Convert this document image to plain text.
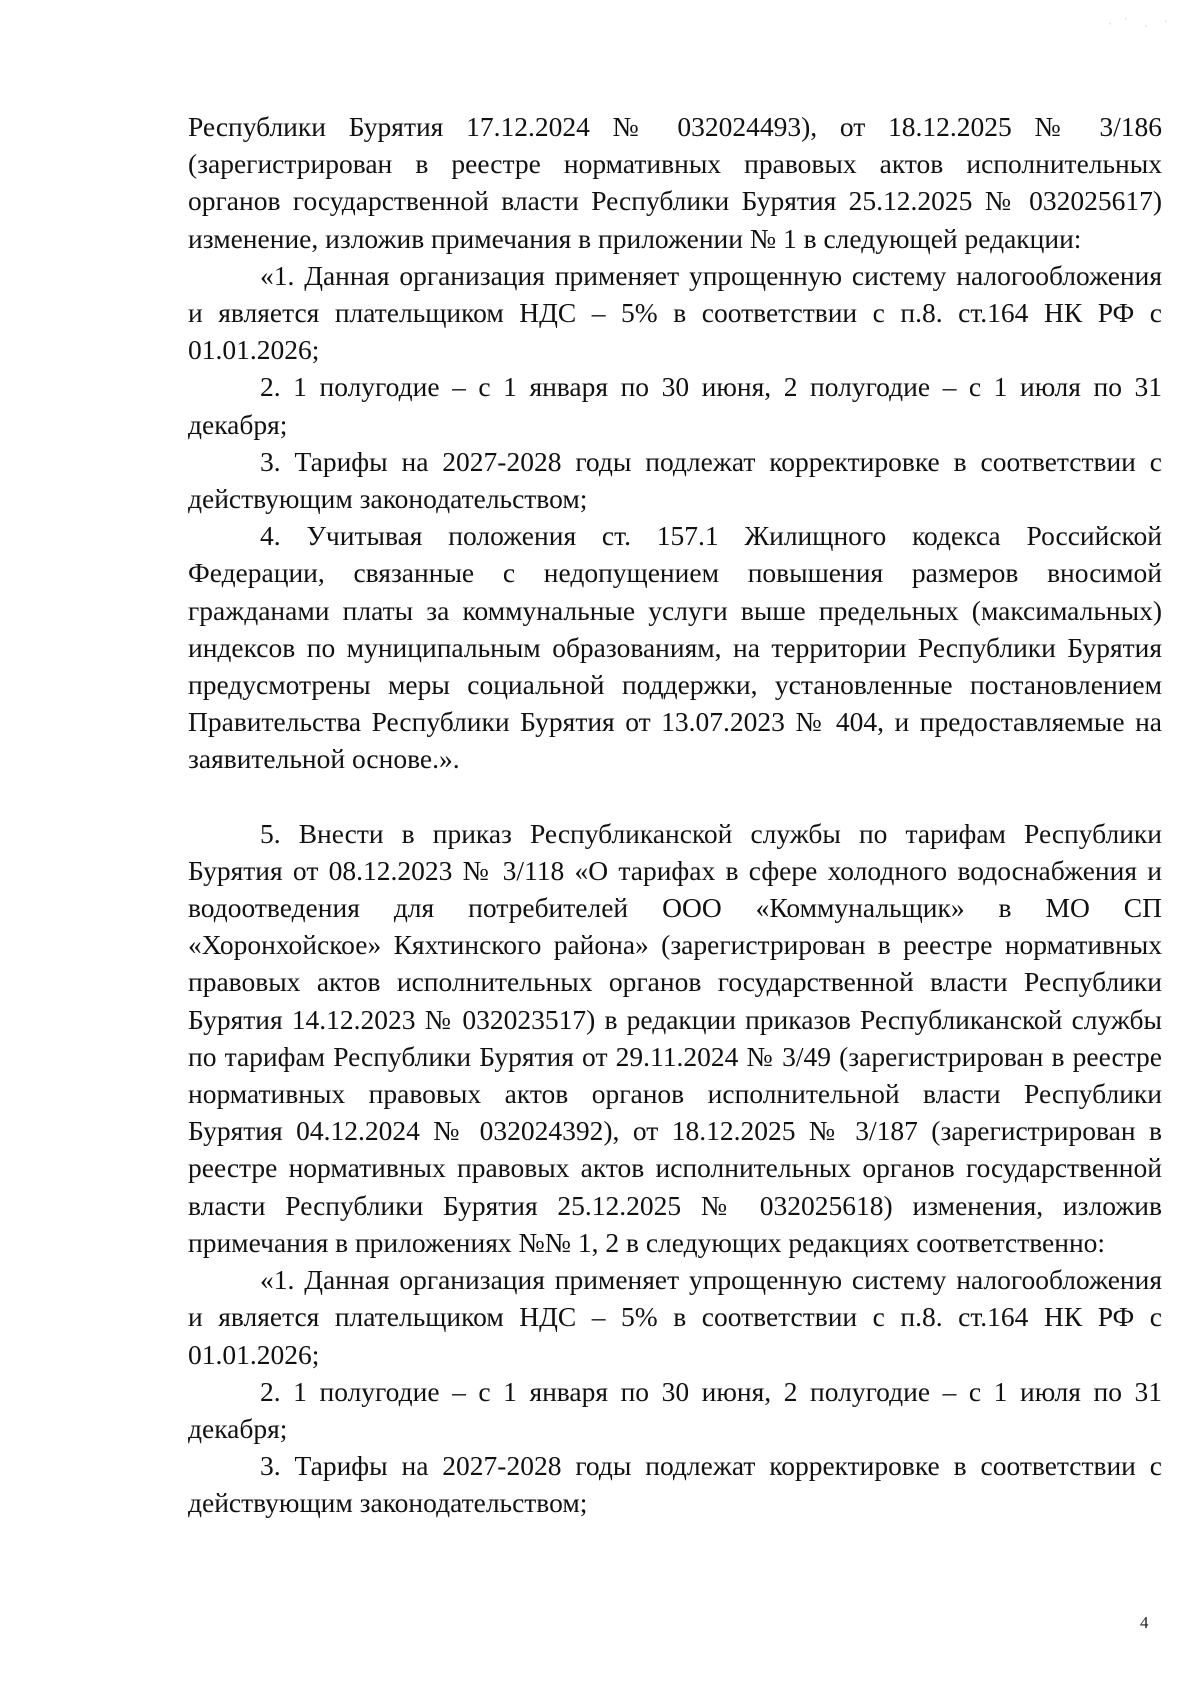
Республики Бурятия 17.12.2024 № 032024493), от 18.12.2025 № 3/186 (зарегистрирован в реестре нормативных правовых актов исполнительных органов государственной власти Республики Бурятия 25.12.2025 № 032025617) изменение, изложив примечания в приложении № 1 в следующей редакции:

«1. Данная организация применяет упрощенную систему налогообложения и является плательщиком НДС – 5% в соответствии с п.8. ст.164 НК РФ с 01.01.2026;

2. 1 полугодие – с 1 января по 30 июня, 2 полугодие – с 1 июля по 31 декабря;

3. Тарифы на 2027-2028 годы подлежат корректировке в соответствии с действующим законодательством;

4. Учитывая положения ст. 157.1 Жилищного кодекса Российской Федерации, связанные с недопущением повышения размеров вносимой гражданами платы за коммунальные услуги выше предельных (максимальных) индексов по муниципальным образованиям, на территории Республики Бурятия предусмотрены меры социальной поддержки, установленные постановлением Правительства Республики Бурятия от 13.07.2023 № 404, и предоставляемые на заявительной основе.».

5. Внести в приказ Республиканской службы по тарифам Республики Бурятия от 08.12.2023 № 3/118 «О тарифах в сфере холодного водоснабжения и водоотведения для потребителей ООО «Коммунальщик» в МО СП «Хоронхойское» Кяхтинского района» (зарегистрирован в реестре нормативных правовых актов исполнительных органов государственной власти Республики Бурятия 14.12.2023 № 032023517) в редакции приказов Республиканской службы по тарифам Республики Бурятия от 29.11.2024 № 3/49 (зарегистрирован в реестре нормативных правовых актов органов исполнительной власти Республики Бурятия 04.12.2024 № 032024392), от 18.12.2025 № 3/187 (зарегистрирован в реестре нормативных правовых актов исполнительных органов государственной власти Республики Бурятия 25.12.2025 № 032025618) изменения, изложив примечания в приложениях №№ 1, 2 в следующих редакциях соответственно:

«1. Данная организация применяет упрощенную систему налогообложения и является плательщиком НДС – 5% в соответствии с п.8. ст.164 НК РФ с 01.01.2026;

2. 1 полугодие – с 1 января по 30 июня, 2 полугодие – с 1 июля по 31 декабря;

3. Тарифы на 2027-2028 годы подлежат корректировке в соответствии с действующим законодательством;

4
